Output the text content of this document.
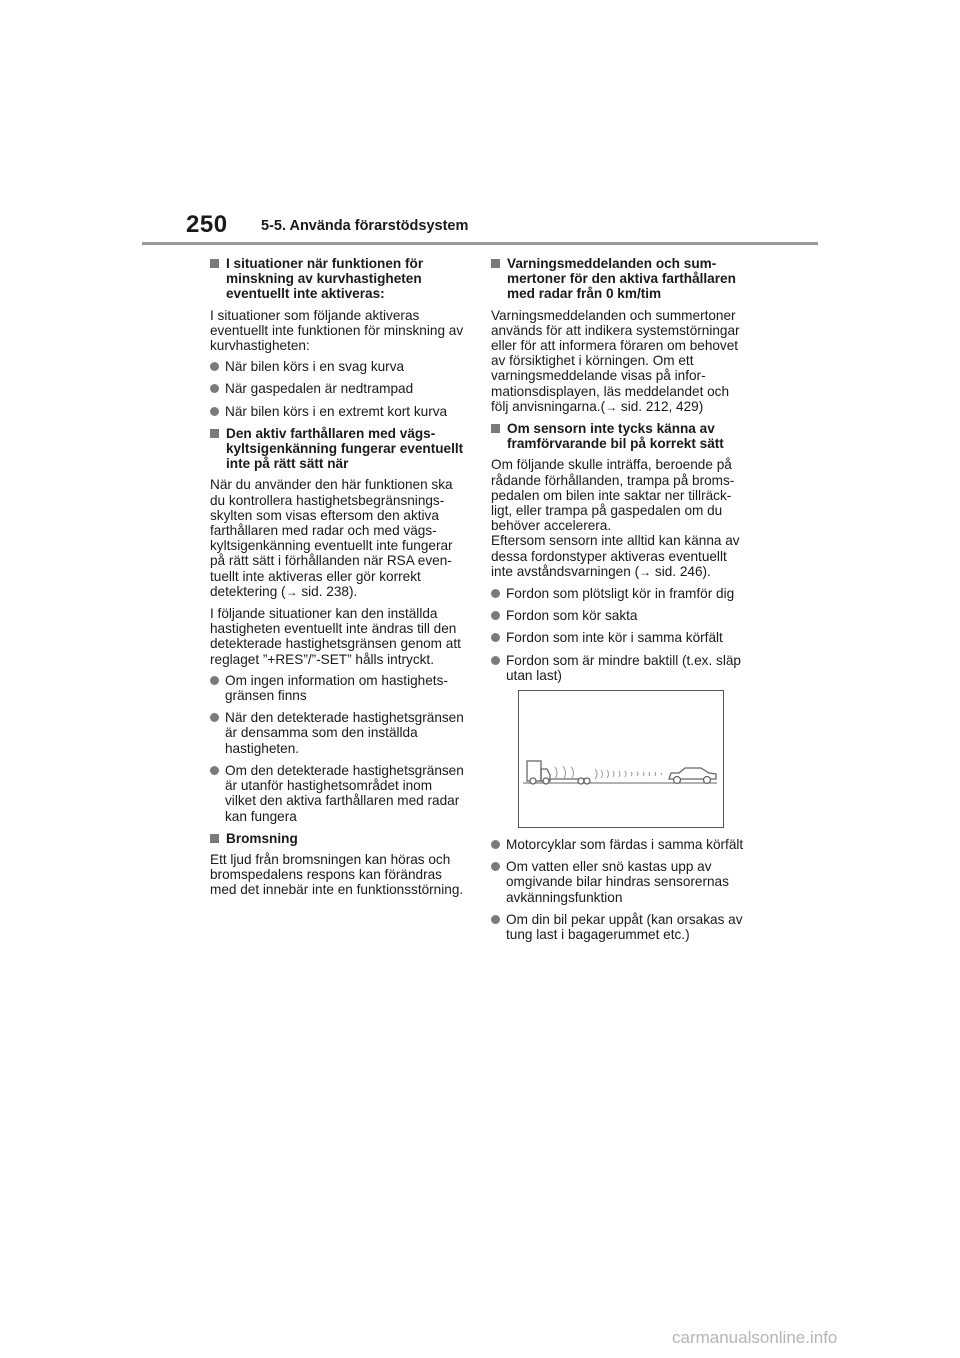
250 5-5. Använda förarstödsystem
I situationer när funktionen för minskning av kurvhastigheten eventuellt inte aktiveras:
I situationer som följande aktiveras eventuellt inte funktionen för minskning av kurvhastigheten:
När bilen körs i en svag kurva
När gaspedalen är nedtrampad
När bilen körs i en extremt kort kurva
Den aktiv farthållaren med vägskyltsigenkänning fungerar eventuellt inte på rätt sätt när
När du använder den här funktionen ska du kontrollera hastighetsbegränsningsskylten som visas eftersom den aktiva farthållaren med radar och med vägskyltsigenkänning eventuellt inte fungerar på rätt sätt i förhållanden när RSA eventuellt inte aktiveras eller gör korrekt detektering (→ sid. 238).
I följande situationer kan den inställda hastigheten eventuellt inte ändras till den detekterade hastighetsgränsen genom att reglaget ”+RES”/”-SET” hålls intryckt.
Om ingen information om hastighetsgränsen finns
När den detekterade hastighetsgränsen är densamma som den inställda hastigheten.
Om den detekterade hastighetsgränsen är utanför hastighetsområdet inom vilket den aktiva farthållaren med radar kan fungera
Bromsning
Ett ljud från bromsningen kan höras och bromspedalens respons kan förändras med det innebär inte en funktionsstörning.
Varningsmeddelanden och summertoner för den aktiva farthållaren med radar från 0 km/tim
Varningsmeddelanden och summertoner används för att indikera systemstörningar eller för att informera föraren om behovet av försiktighet i körningen. Om ett varningsmeddelande visas på informationsdisplayen, läs meddelandet och följ anvisningarna.(→ sid. 212, 429)
Om sensorn inte tycks känna av framförvarande bil på korrekt sätt
Om följande skulle inträffa, beroende på rådande förhållanden, trampa på bromspedalen om bilen inte saktar ner tillräckligt, eller trampa på gaspedalen om du behöver accelerera.
Eftersom sensorn inte alltid kan känna av dessa fordonstyper aktiveras eventuellt inte avståndsvarningen (→ sid. 246).
Fordon som plötsligt kör in framför dig
Fordon som kör sakta
Fordon som inte kör i samma körfält
Fordon som är mindre baktill (t.ex. släp utan last)
Motorcyklar som färdas i samma körfält
Om vatten eller snö kastas upp av omgivande bilar hindras sensorernas avkänningsfunktion
Om din bil pekar uppåt (kan orsakas av tung last i bagagerummet etc.)
carmanualsonline.info
